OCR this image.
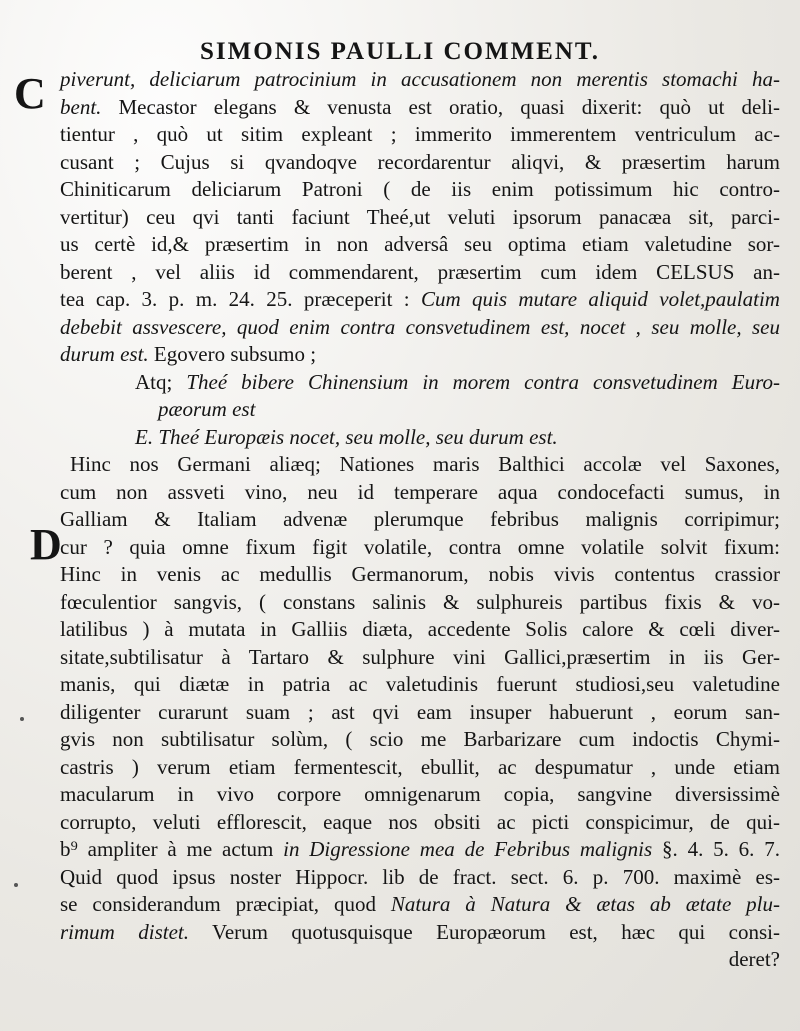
SIMONIS PAULLI COMMENT.
C
D
piverunt, deliciarum patrocinium in accusationem non merentis stomachi ha-
bent. Mecastor elegans & venusta est oratio, quasi dixerit: quò ut deli-
tientur , quò ut sitim expleant ; immerito immerentem ventriculum ac-
cusant ; Cujus si qvandoqve recordarentur aliqvi, & præsertim harum
Chiniticarum deliciarum Patroni ( de iis enim potissimum hic contro-
vertitur) ceu qvi tanti faciunt Theé,ut veluti ipsorum panacæa sit, parci-
us certè id,& præsertim in non adversâ seu optima etiam valetudine sor-
berent , vel aliis id commendarent, præsertim cum idem CELSUS an-
tea cap. 3. p. m. 24. 25. præceperit : Cum quis mutare aliquid volet,paulatim
debebit assvescere, quod enim contra consvetudinem est, nocet , seu molle, seu
durum est. Egovero subsumo ;
Atq; Theé bibere Chinensium in morem contra consvetudinem Euro-
pæorum est
E. Theé Europæis nocet, seu molle, seu durum est.
Hinc nos Germani aliæq; Nationes maris Balthici accolæ vel Saxones,
cum non assveti vino, neu id temperare aqua condocefacti sumus, in
Galliam & Italiam advenæ plerumque febribus malignis corripimur;
cur ? quia omne fixum figit volatile, contra omne volatile solvit fixum:
Hinc in venis ac medullis Germanorum, nobis vivis contentus crassior
fœculentior sangvis, ( constans salinis & sulphureis partibus fixis & vo-
latilibus ) à mutata in Galliis diæta, accedente Solis calore & cœli diver-
sitate,subtilisatur à Tartaro & sulphure vini Gallici,præsertim in iis Ger-
manis, qui diætæ in patria ac valetudinis fuerunt studiosi,seu valetudine
diligenter curarunt suam ; ast qvi eam insuper habuerunt , eorum san-
gvis non subtilisatur solùm, ( scio me Barbarizare cum indoctis Chymi-
castris ) verum etiam fermentescit, ebullit, ac despumatur , unde etiam
macularum in vivo corpore omnigenarum copia, sangvine diversissimè
corrupto, veluti efflorescit, eaque nos obsiti ac picti conspicimur, de qui-
b⁹ ampliter à me actum in Digressione mea de Febribus malignis §. 4. 5. 6. 7.
Quid quod ipsus noster Hippocr. lib de fract. sect. 6. p. 700. maximè es-
se considerandum præcipiat, quod Natura à Natura & ætas ab ætate plu-
rimum distet. Verum quotusquisque Europæorum est, hæc qui consi-
deret?
